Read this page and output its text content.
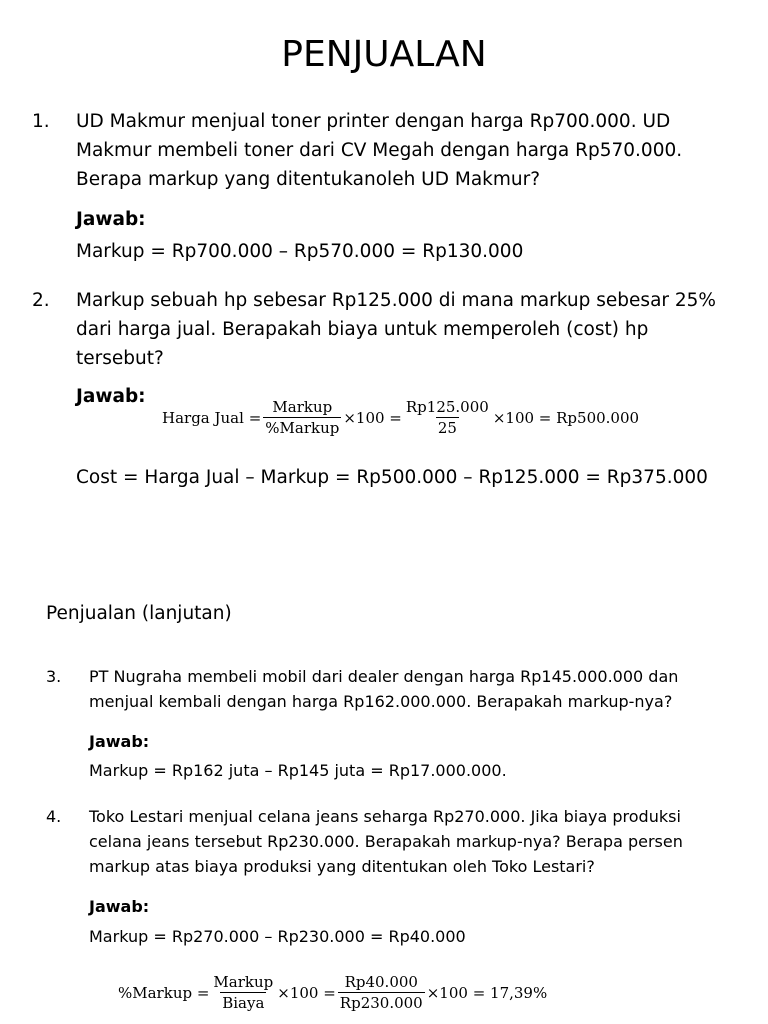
PENJUALAN
1. UD Makmur menjual toner printer dengan harga Rp700.000. UD
Makmur membeli toner dari CV Megah dengan harga Rp570.000.
Berapa markup yang ditentukanoleh UD Makmur?
Jawab:
Markup = Rp700.000 – Rp570.000 = Rp130.000
2. Markup sebuah hp sebesar Rp125.000 di mana markup sebesar 25%
dari harga jual. Berapakah biaya untuk memperoleh (cost) hp
tersebut?
Jawab:
Harga Jual = $\frac{\text{Markup}}{\text{\%Markup}} \times 100 = \frac{Rp125.000}{25} \times 100 = Rp500.000$
Cost = Harga Jual – Markup = Rp500.000 – Rp125.000 = Rp375.000
Penjualan (lanjutan)
3. PT Nugraha membeli mobil dari dealer dengan harga Rp145.000.000 dan
menjual kembali dengan harga Rp162.000.000. Berapakah markup-nya?
Jawab:
Markup = Rp162 juta – Rp145 juta = Rp17.000.000.
4. Toko Lestari menjual celana jeans seharga Rp270.000. Jika biaya produksi
celana jeans tersebut Rp230.000. Berapakah markup-nya? Berapa persen
markup atas biaya produksi yang ditentukan oleh Toko Lestari?
Jawab:
Markup = Rp270.000 – Rp230.000 = Rp40.000
%Markup = $\frac{\text{Markup}}{\text{Biaya}} \times 100 = \frac{Rp40.000}{Rp230.000} \times 100 = 17,39\%$
